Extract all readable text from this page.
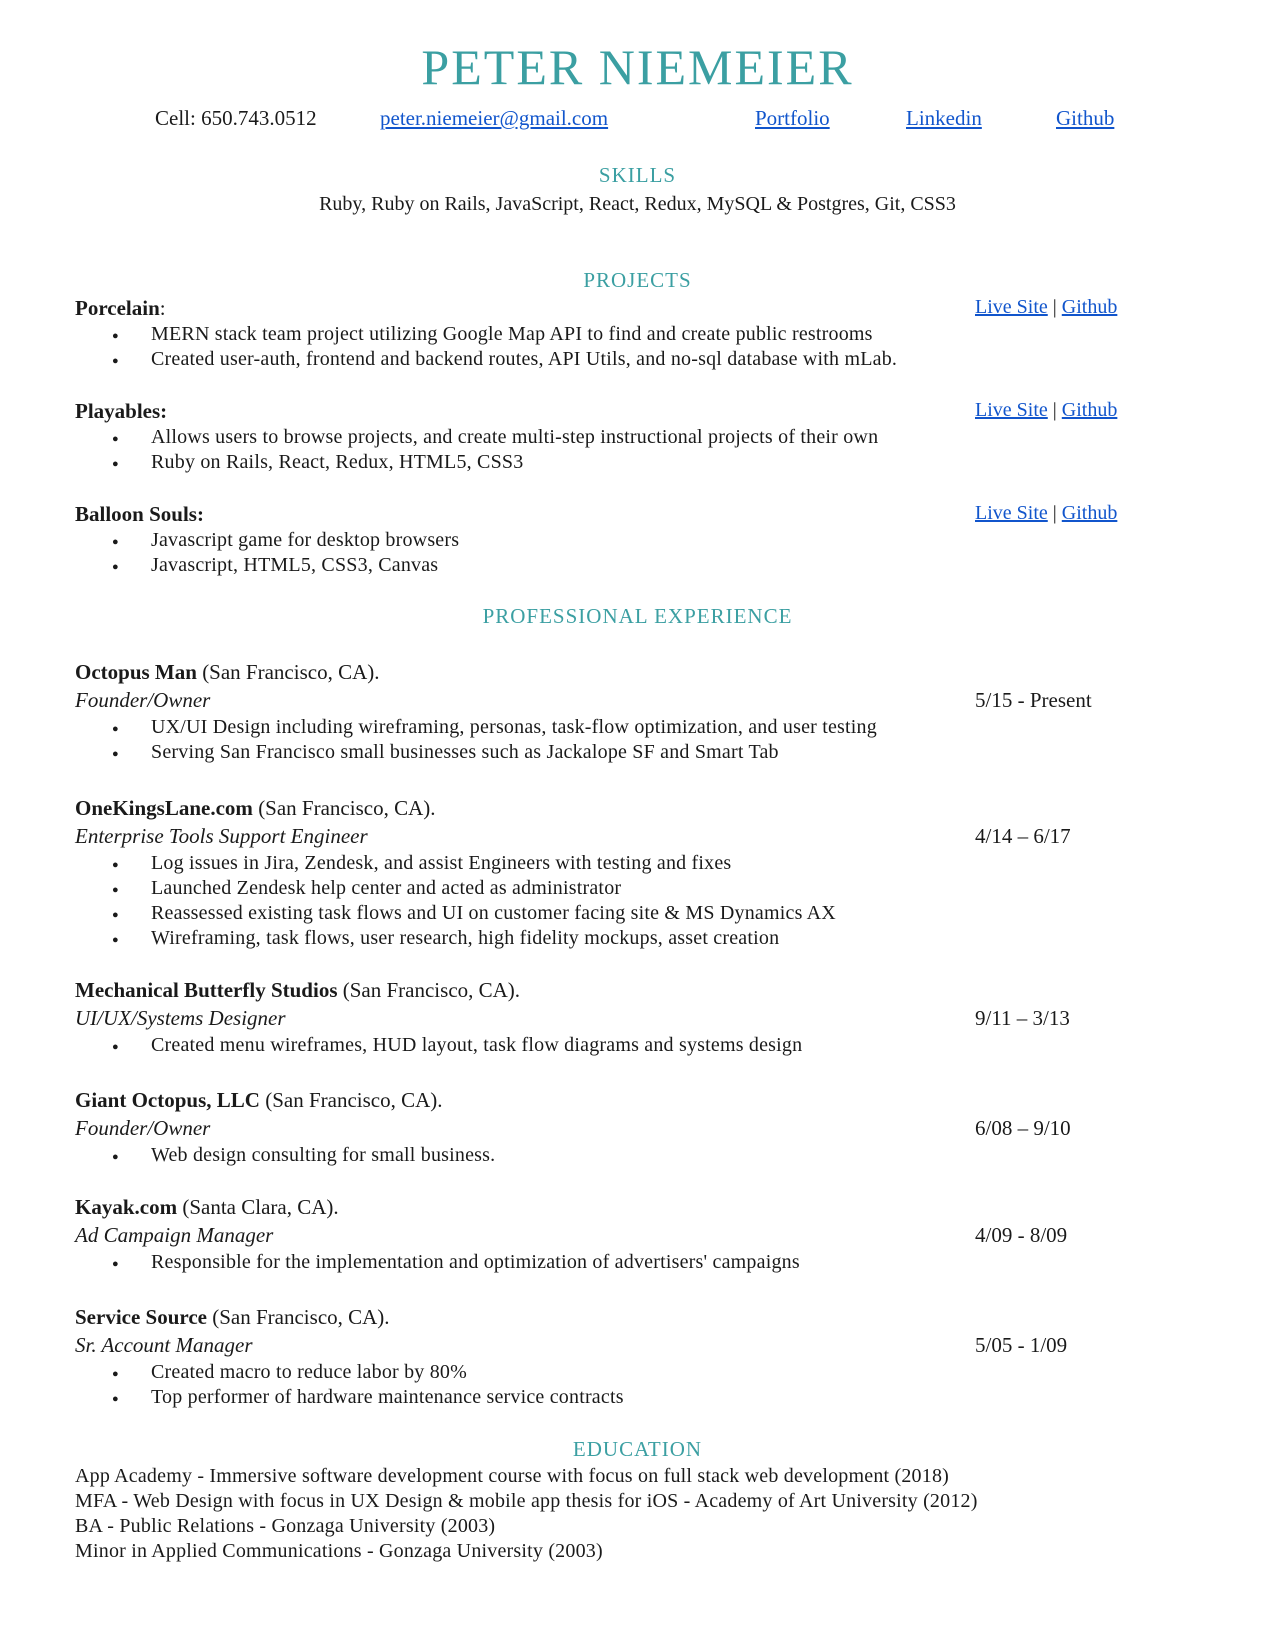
PETER NIEMEIER
Cell: 650.743.0512	peter.niemeier@gmail.com	Portfolio	Linkedin	Github
SKILLS
Ruby, Ruby on Rails, JavaScript, React, Redux, MySQL & Postgres, Git, CSS3
PROJECTS
Porcelain:	Live Site | Github
● MERN stack team project utilizing Google Map API to find and create public restrooms
● Created user-auth, frontend and backend routes, API Utils, and no-sql database with mLab.
Playables:	Live Site | Github
● Allows users to browse projects, and create multi-step instructional projects of their own
● Ruby on Rails, React, Redux, HTML5, CSS3
Balloon Souls:	Live Site | Github
● Javascript game for desktop browsers
● Javascript, HTML5, CSS3, Canvas
PROFESSIONAL EXPERIENCE
Octopus Man (San Francisco, CA).
Founder/Owner	5/15 - Present
● UX/UI Design including wireframing, personas, task-flow optimization, and user testing
● Serving San Francisco small businesses such as Jackalope SF and Smart Tab
OneKingsLane.com (San Francisco, CA).
Enterprise Tools Support Engineer	4/14 – 6/17
● Log issues in Jira, Zendesk, and assist Engineers with testing and fixes
● Launched Zendesk help center and acted as administrator
● Reassessed existing task flows and UI on customer facing site & MS Dynamics AX
● Wireframing, task flows, user research, high fidelity mockups, asset creation
Mechanical Butterfly Studios (San Francisco, CA).
UI/UX/Systems Designer	9/11 – 3/13
● Created menu wireframes, HUD layout, task flow diagrams and systems design
Giant Octopus, LLC (San Francisco, CA).
Founder/Owner	6/08 – 9/10
● Web design consulting for small business.
Kayak.com (Santa Clara, CA).
Ad Campaign Manager	4/09 - 8/09
● Responsible for the implementation and optimization of advertisers' campaigns
Service Source (San Francisco, CA).
Sr. Account Manager	5/05 - 1/09
● Created macro to reduce labor by 80%
● Top performer of hardware maintenance service contracts
EDUCATION
App Academy - Immersive software development course with focus on full stack web development (2018)
MFA - Web Design with focus in UX Design & mobile app thesis for iOS - Academy of Art University (2012)
BA - Public Relations - Gonzaga University (2003)
Minor in Applied Communications - Gonzaga University (2003)
